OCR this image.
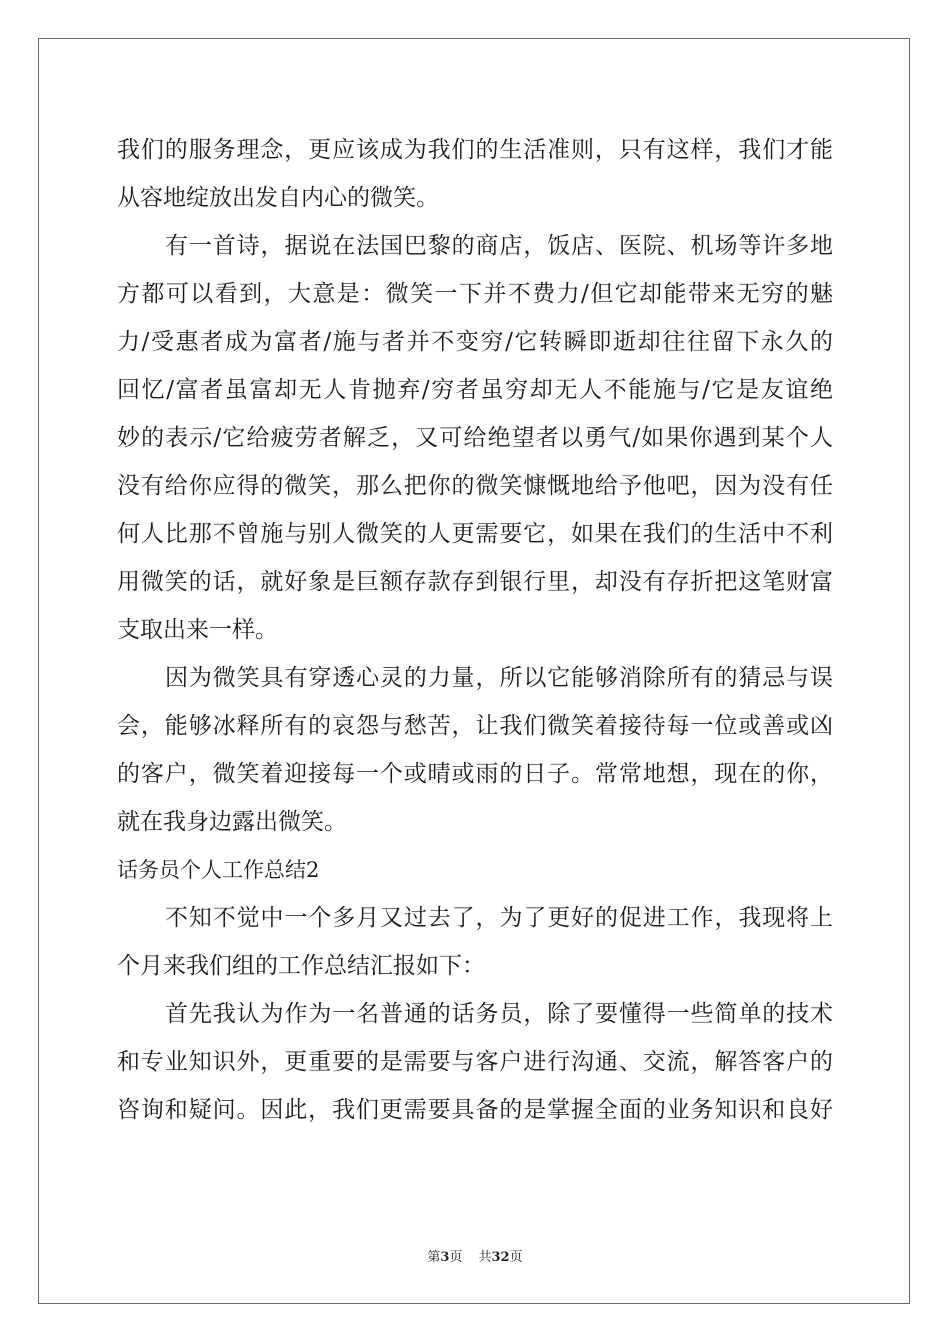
我们的服务理念，更应该成为我们的生活准则，只有这样，我们才能
从容地绽放出发自内心的微笑。
有一首诗，据说在法国巴黎的商店，饭店、医院、机场等许多地
方都可以看到，大意是：微笑一下并不费力/但它却能带来无穷的魅
力/受惠者成为富者/施与者并不变穷/它转瞬即逝却往往留下永久的
回忆/富者虽富却无人肯抛弃/穷者虽穷却无人不能施与/它是友谊绝
妙的表示/它给疲劳者解乏，又可给绝望者以勇气/如果你遇到某个人
没有给你应得的微笑，那么把你的微笑慷慨地给予他吧，因为没有任
何人比那不曾施与别人微笑的人更需要它，如果在我们的生活中不利
用微笑的话，就好象是巨额存款存到银行里，却没有存折把这笔财富
支取出来一样。
因为微笑具有穿透心灵的力量，所以它能够消除所有的猜忌与误
会，能够冰释所有的哀怨与愁苦，让我们微笑着接待每一位或善或凶
的客户，微笑着迎接每一个或晴或雨的日子。常常地想，现在的你，
就在我身边露出微笑。
话务员个人工作总结2
不知不觉中一个多月又过去了，为了更好的促进工作，我现将上
个月来我们组的工作总结汇报如下：
首先我认为作为一名普通的话务员，除了要懂得一些简单的技术
和专业知识外，更重要的是需要与客户进行沟通、交流，解答客户的
咨询和疑问。因此，我们更需要具备的是掌握全面的业务知识和良好
第3页 共32页
